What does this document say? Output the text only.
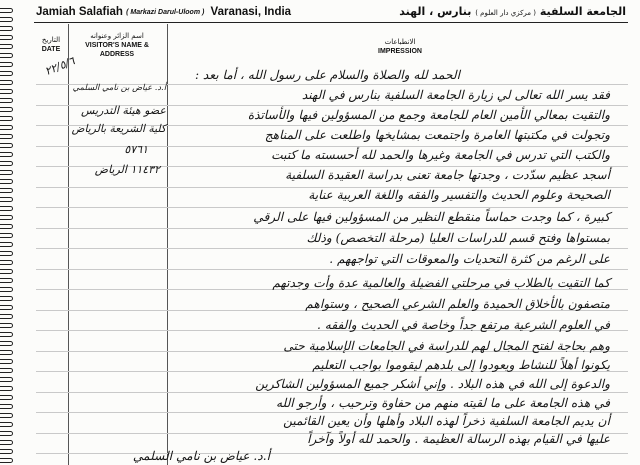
Jamiah Salafiah ( Markazi Darul-Uloom ) Varanasi, India	الجامعة السلفية ( مركزي دار العلوم ) بنارس ، الهند
التاريخ
DATE
اسم الزائر وعنوانه
VISITOR'S NAME & ADDRESS
الانطباعات
IMPRESSION
٢٢/٥/٦
أ.د. عياض بن نامي السلمي
عضو هيئة التدريس
كلية الشريعة بالرياض
٥٧٦١
١١٤٣٢ الرياض
الحمد لله والصلاة والسلام على رسول الله ، أما بعد :
فقد يسر الله تعالى لي زيارة الجامعة السلفية بنارس في الهند
والتقيت بمعالي الأمين العام للجامعة وجمع من المسؤولين فيها والأساتذة
وتجولت في مكتبتها العامرة واجتمعت بمشايخها واطلعت على المناهج
والكتب التي تدرس في الجامعة وغيرها والحمد لله أحسسته ما كتبت
أسجد عظيم سدّدت ، وجدتها جامعة تعنى بدراسة العقيدة السلفية
الصحيحة وعلوم الحديث والتفسير والفقه واللغة العربية عناية
كبيرة ، كما وجدت حماساً منقطع النظير من المسؤولين فيها على الرقي
بمستواها وفتح قسم للدراسات العليا (مرحلة التخصص) وذلك
على الرغم من كثرة التحديات والمعوقات التي تواجههم .
كما التقيت بالطلاب في مرحلتي الفضيلة والعالمية عدة وأت وجدتهم
متصفون بالأخلاق الحميدة والعلم الشرعي الصحيح ، وستواهم
في العلوم الشرعية مرتفع جداً وخاصة في الحديث والفقه .
وهم بحاجة لفتح المجال لهم للدراسة في الجامعات الإسلامية حتى
يكونوا أهلاً للنشاط ويعودوا إلى بلدهم ليقوموا بواجب التعليم
والدعوة إلى الله في هذه البلاد . وإني أشكر جميع المسؤولين الشاكرين
في هذه الجامعة على ما لقيته منهم من حفاوة وترحيب ، وأرجو الله
أن يديم الجامعة السلفية ذخراً لهذه البلاد وأهلها وأن يعين القائمين
عليها في القيام بهذه الرسالة العظيمة . والحمد لله أولاً وآخراً
أ.د. عياض بن نامي السلمي
